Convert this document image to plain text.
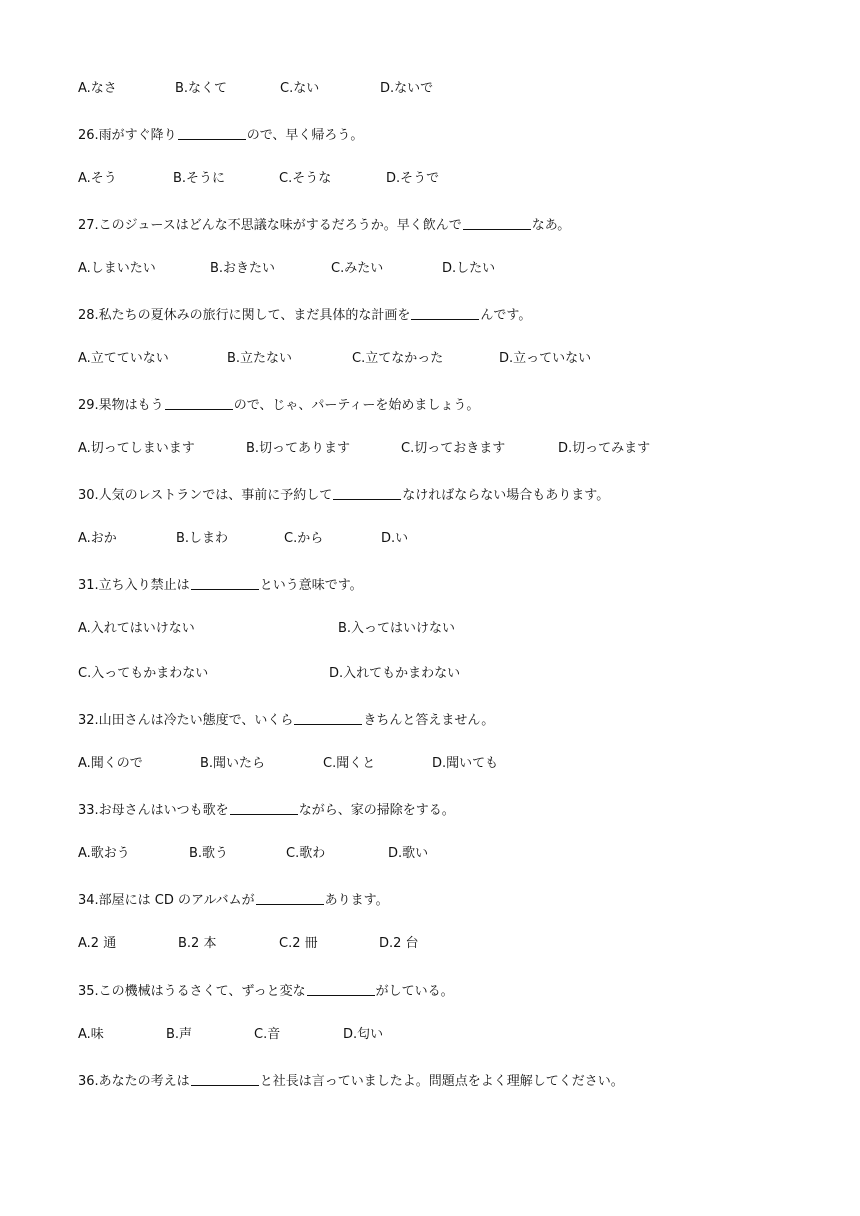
A.なさ	B.なくて	C.ない	D.ないで
26.雨がすぐ降り	ので、早く帰ろう。
A.そう	B.そうに	C.そうな	D.そうで
27.このジュースはどんな不思議な味がするだろうか。早く飲んで	なあ。
A.しまいたい	B.おきたい	C.みたい	D.したい
28.私たちの夏休みの旅行に関して、まだ具体的な計画を	んです。
A.立てていない	B.立たない	C.立てなかった	D.立っていない
29.果物はもう	ので、じゃ、パーティーを始めましょう。
A.切ってしまいます	B.切ってあります	C.切っておきます	D.切ってみます
30.人気のレストランでは、事前に予約して	なければならない場合もあります。
A.おか	B.しまわ	C.から	D.い
31.立ち入り禁止は	という意味です。
A.入れてはいけない	B.入ってはいけない
C.入ってもかまわない	D.入れてもかまわない
32.山田さんは冷たい態度で、いくら	きちんと答えません。
A.聞くので	B.聞いたら	C.聞くと	D.聞いても
33.お母さんはいつも歌を	ながら、家の掃除をする。
A.歌おう	B.歌う	C.歌わ	D.歌い
34.部屋には CD のアルバムが	あります。
A.2 通	B.2 本	C.2 冊	D.2 台
35.この機械はうるさくて、ずっと変な	がしている。
A.味	B.声	C.音	D.匂い
36.あなたの考えは	と社長は言っていましたよ。問題点をよく理解してください。
